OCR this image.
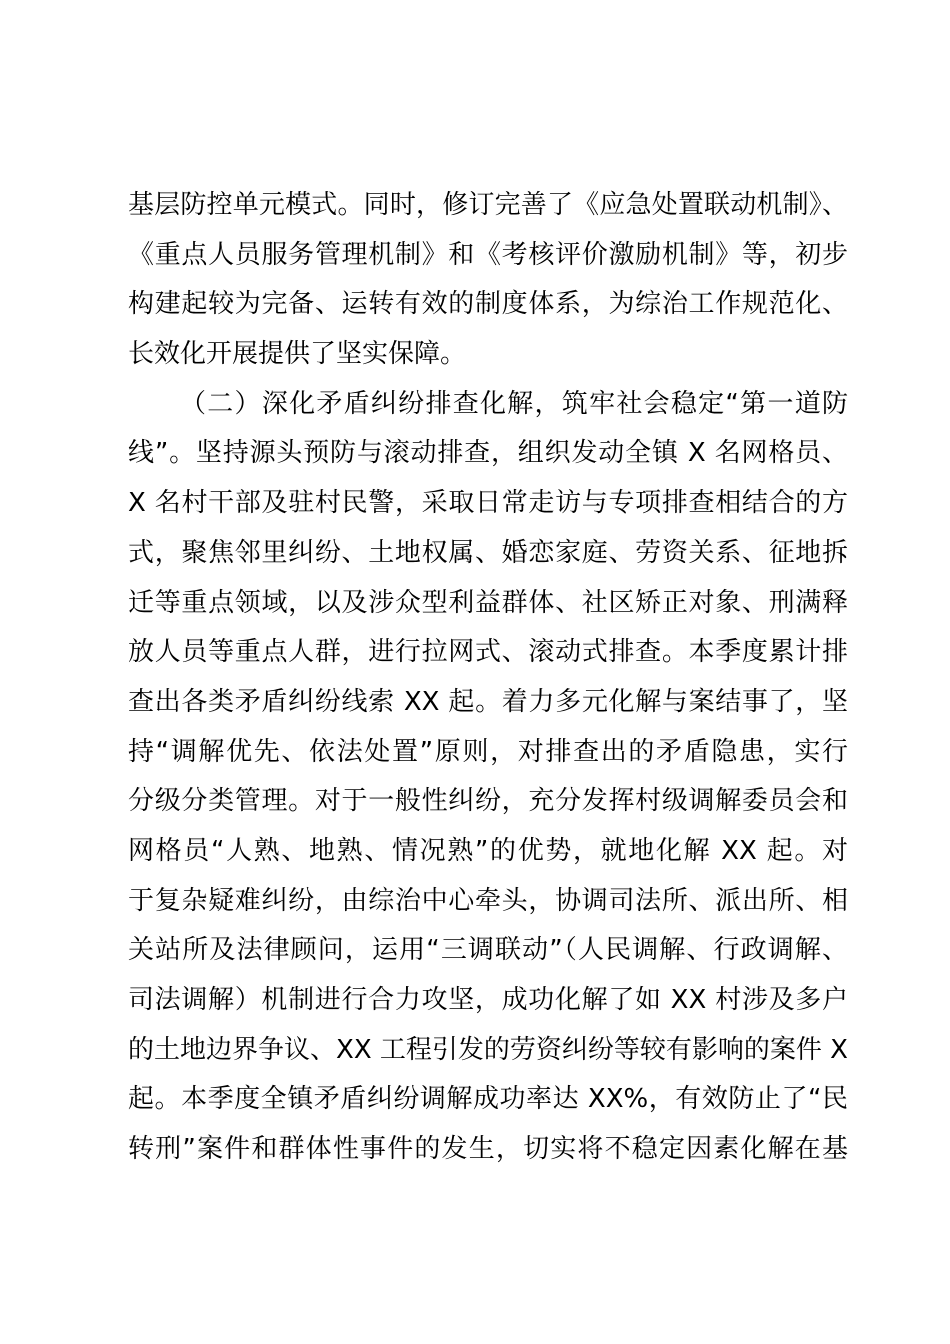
基层防控单元模式。同时，修订完善了《应急处置联动机制》、
《重点人员服务管理机制》和《考核评价激励机制》等，初步
构建起较为完备、运转有效的制度体系，为综治工作规范化、
长效化开展提供了坚实保障。
（二）深化矛盾纠纷排查化解，筑牢社会稳定“第一道防
线”。坚持源头预防与滚动排查，组织发动全镇 X 名网格员、
X 名村干部及驻村民警，采取日常走访与专项排查相结合的方
式，聚焦邻里纠纷、土地权属、婚恋家庭、劳资关系、征地拆
迁等重点领域，以及涉众型利益群体、社区矫正对象、刑满释
放人员等重点人群，进行拉网式、滚动式排查。本季度累计排
查出各类矛盾纠纷线索 XX 起。着力多元化解与案结事了，坚
持“调解优先、依法处置”原则，对排查出的矛盾隐患，实行
分级分类管理。对于一般性纠纷，充分发挥村级调解委员会和
网格员“人熟、地熟、情况熟”的优势，就地化解 XX 起。对
于复杂疑难纠纷，由综治中心牵头，协调司法所、派出所、相
关站所及法律顾问，运用“三调联动”（人民调解、行政调解、
司法调解）机制进行合力攻坚，成功化解了如 XX 村涉及多户
的土地边界争议、XX 工程引发的劳资纠纷等较有影响的案件 X
起。本季度全镇矛盾纠纷调解成功率达 XX%，有效防止了“民
转刑”案件和群体性事件的发生，切实将不稳定因素化解在基
